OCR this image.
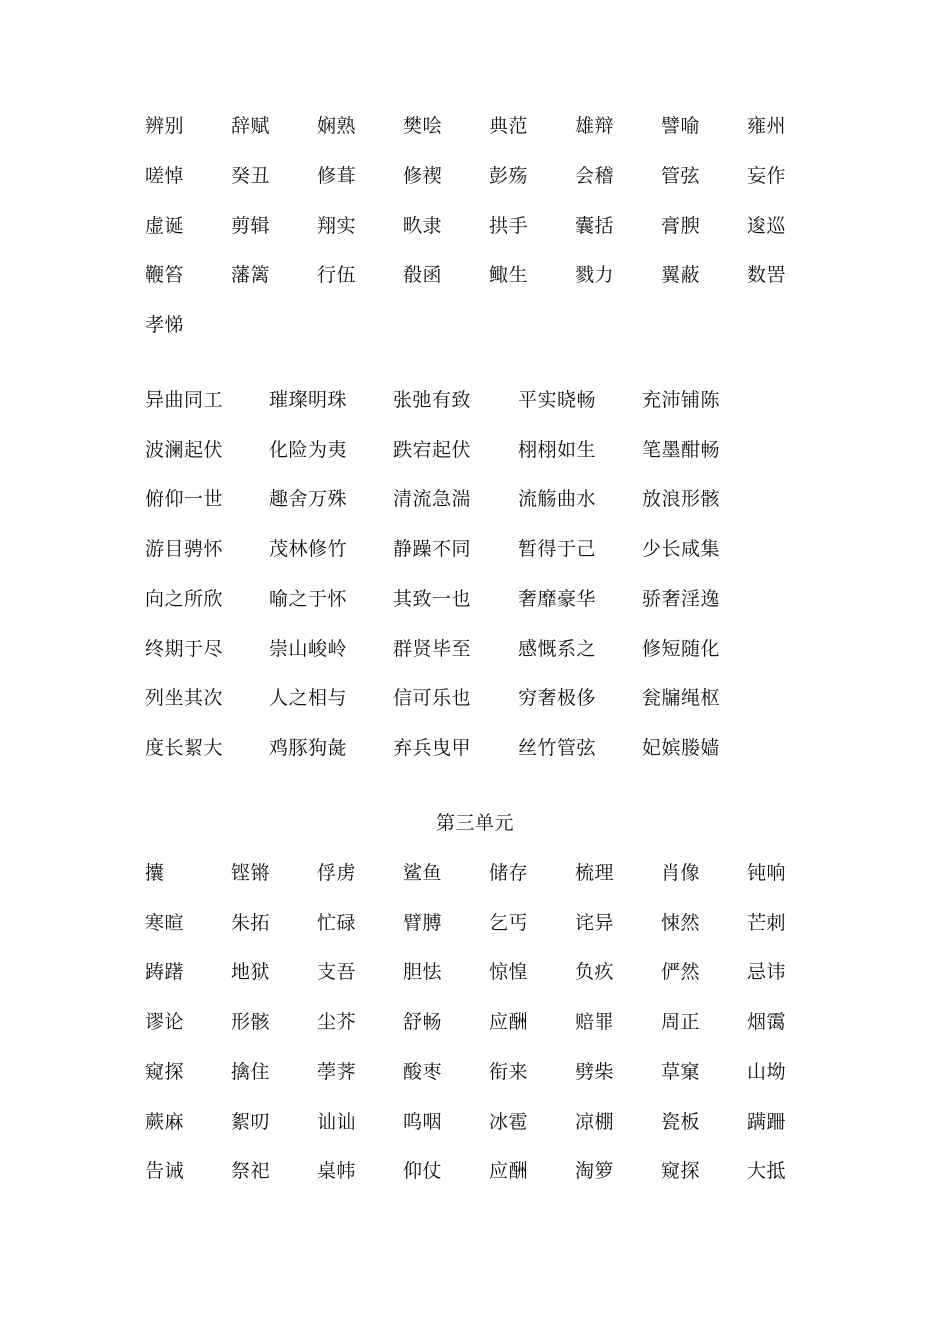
辨别 辞赋 娴熟 樊哙 典范 雄辩 譬喻 雍州
嗟悼 癸丑 修葺 修禊 彭殇 会稽 管弦 妄作
虚诞 剪辑 翔实 畂隶 拱手 囊括 膏腴 逡巡
鞭笞 藩篱 行伍 殽函 鲰生 戮力 翼蔽 数罟
孝悌
异曲同工 璀璨明珠 张弛有致 平实晓畅 充沛铺陈
波澜起伏 化险为夷 跌宕起伏 栩栩如生 笔墨酣畅
俯仰一世 趣舍万殊 清流急湍 流觞曲水 放浪形骸
游目骋怀 茂林修竹 静躁不同 暂得于己 少长咸集
向之所欣 喻之于怀 其致一也 奢靡豪华 骄奢淫逸
终期于尽 崇山峻岭 群贤毕至 感慨系之 修短随化
列坐其次 人之相与 信可乐也 穷奢极侈 瓮牖绳枢
度长絜大 鸡豚狗彘 弃兵曳甲 丝竹管弦 妃嫔媵嫱
第三单元
攮	铿锵 俘虏 鲨鱼 储存 梳理 肖像 钝响
寒暄 朱拓 忙碌 臂膊 乞丐 诧异 悚然 芒刺
踌躇 地狱 支吾 胆怯 惊惶 负疚 俨然 忌讳
谬论 形骸 尘芥 舒畅 应酬 赔罪 周正 烟霭
窥探 擒住 荸荠 酸枣 衔来 劈柴 草窠 山坳
蕨麻 絮叨 讪讪 呜咽 冰雹 凉棚 瓷板 蹒跚
告诫 祭祀 桌帏 仰仗 应酬 淘箩 窥探 大抵
